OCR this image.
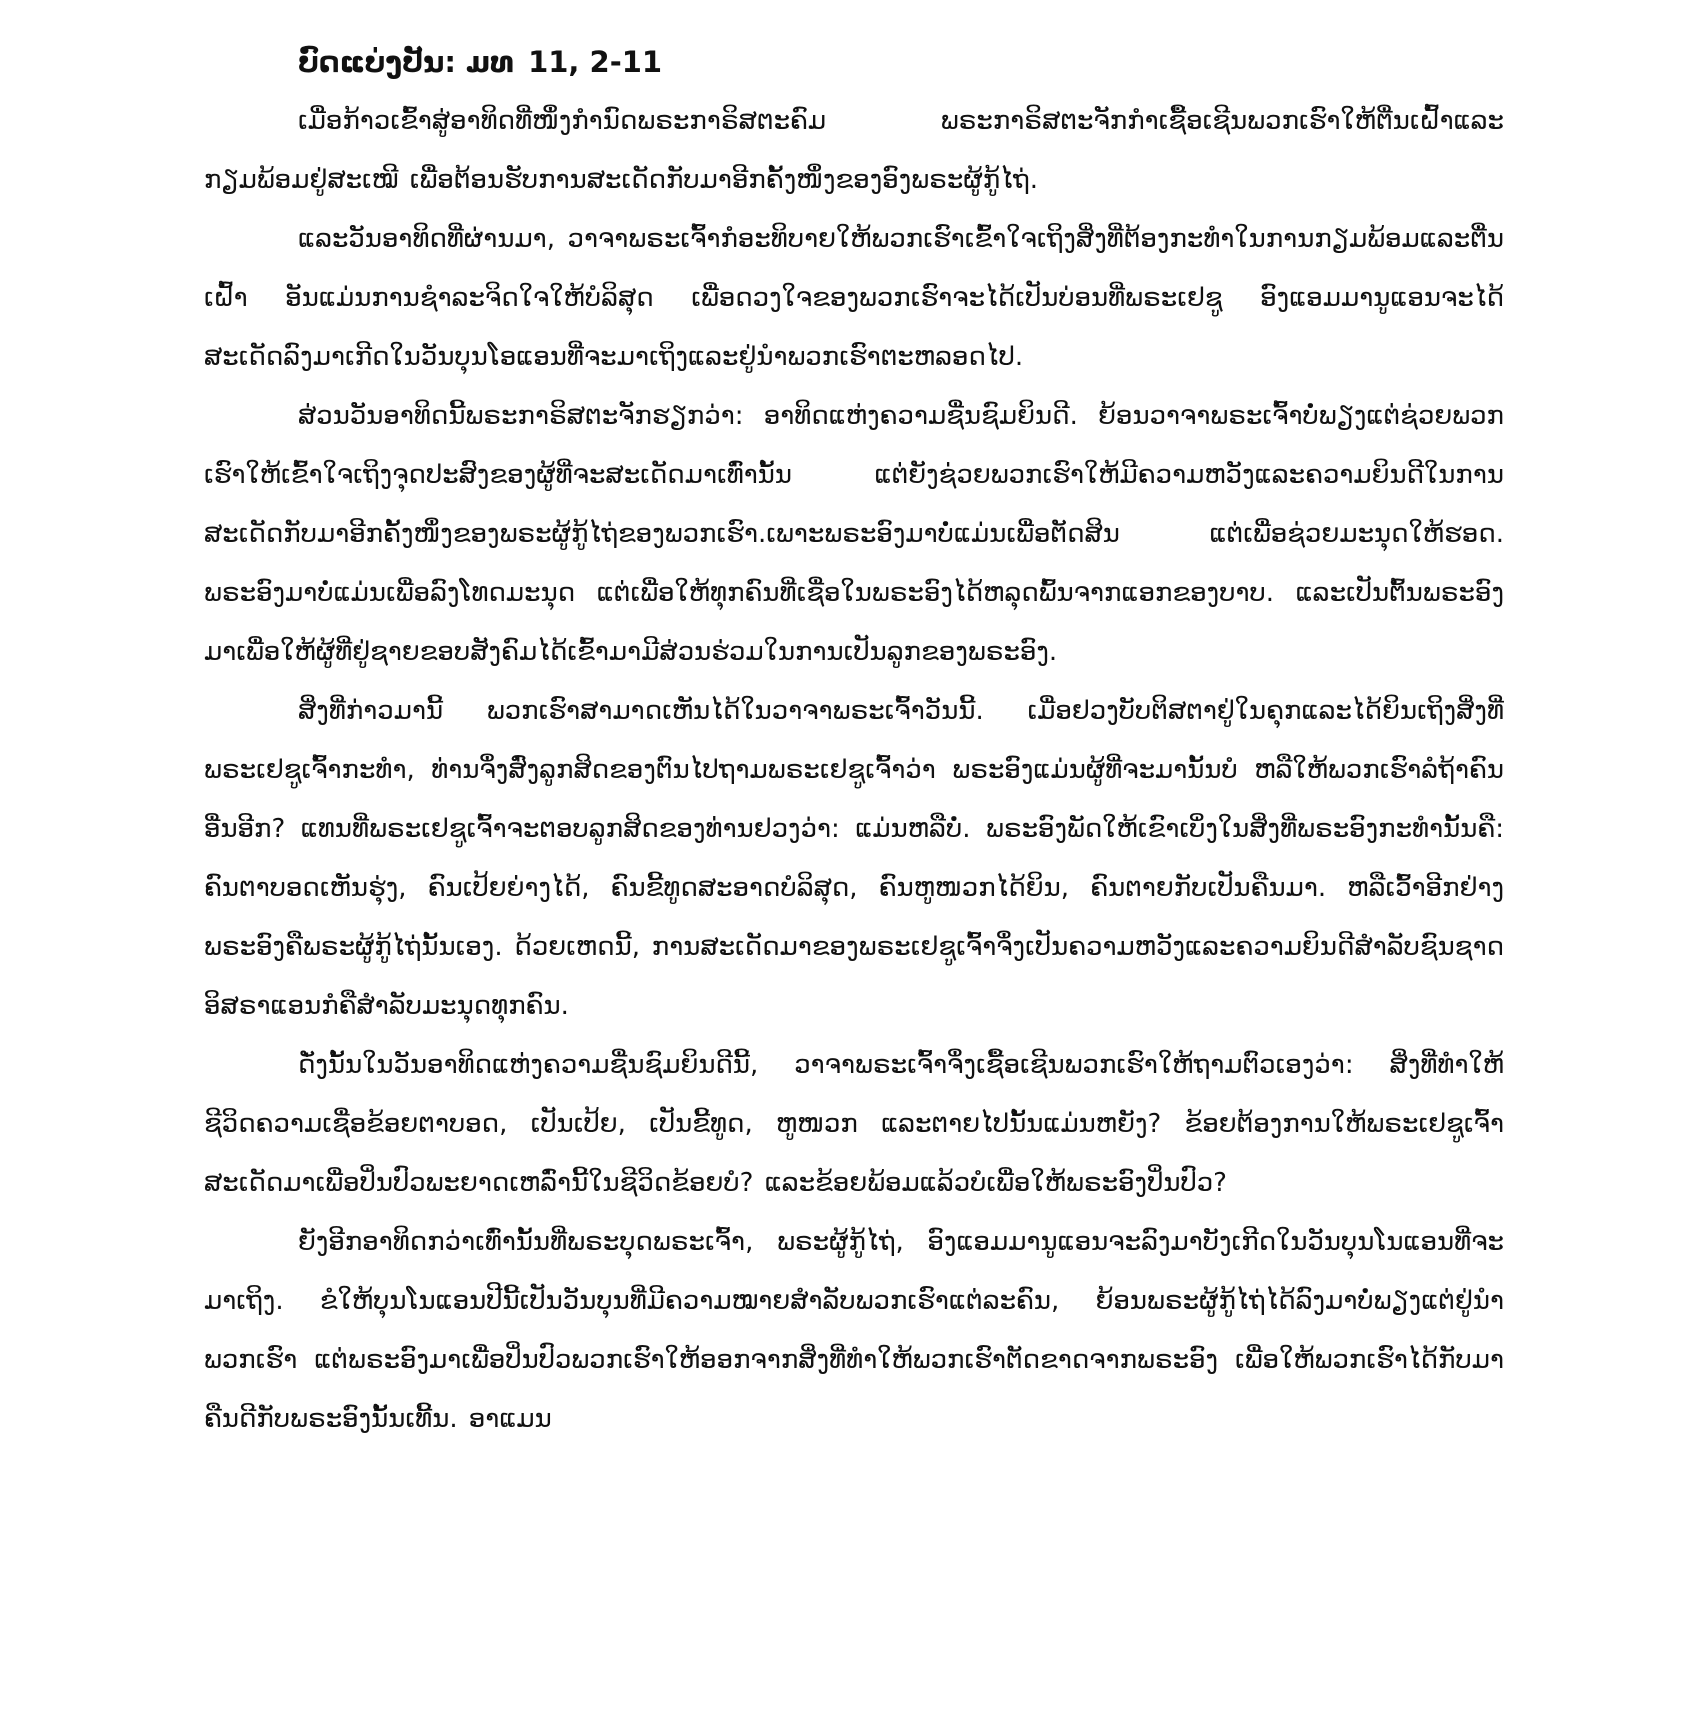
ບົດແບ່ງປັນ: ມທ 11, 2-11

ເມື່ອກ້າວເຂົ້າສູ່ອາທິດທີ່ໜຶ່ງກຳນົດພຣະກາຣິສຕະຄົມ ພຣະກາຣິສຕະຈັກກຳເຊື້ອເຊີນພວກເຮົາໃຫ້ຕື່ນເຝົ້າແລະກຽມພ້ອມຢູ່ສະເໝີ ເພື່ອຕ້ອນຮັບການສະເດັດກັບມາອີກຄັ້ງໜຶ່ງຂອງອົງພຣະຜູ້ກູ້ໄຖ່.

ແລະວັນອາທິດທີ່ຜ່ານມາ, ວາຈາພຣະເຈົ້າກໍອະທິບາຍໃຫ້ພວກເຮົາເຂົ້າໃຈເຖິງສິ່ງທີ່ຕ້ອງກະທຳໃນການກຽມພ້ອມແລະຕື່ນເຝົ້າ ອັນແມ່ນການຊຳລະຈິດໃຈໃຫ້ບໍລິສຸດ ເພື່ອດວງໃຈຂອງພວກເຮົາຈະໄດ້ເປັນບ່ອນທີ່ພຣະເຢຊູ ອົງແອມມານູແອນຈະໄດ້ສະເດັດລົງມາເກີດໃນວັນບຸນໂອແອນທີ່ຈະມາເຖິງແລະຢູ່ນຳພວກເຮົາຕະຫລອດໄປ.

ສ່ວນວັນອາທິດນີ້ພຣະກາຣິສຕະຈັກຮຽກວ່າ: ອາທິດແຫ່ງຄວາມຊື່ນຊົມຍິນດີ. ຍ້ອນວາຈາພຣະເຈົ້າບໍ່ພຽງແຕ່ຊ່ວຍພວກເຮົາໃຫ້ເຂົ້າໃຈເຖິງຈຸດປະສົງຂອງຜູ້ທີ່ຈະສະເດັດມາເທົ່ານັ້ນ ແຕ່ຍັງຊ່ວຍພວກເຮົາໃຫ້ມີຄວາມຫວັງແລະຄວາມຍິນດີໃນການສະເດັດກັບມາອີກຄັ້ງໜຶ່ງຂອງພຣະຜູ້ກູ້ໄຖ່ຂອງພວກເຮົາ.ເພາະພຣະອົງມາບໍ່ແມ່ນເພື່ອຕັດສິນ ແຕ່ເພື່ອຊ່ວຍມະນຸດໃຫ້ຮອດ. ພຣະອົງມາບໍ່ແມ່ນເພື່ອລົງໂທດມະນຸດ ແຕ່ເພື່ອໃຫ້ທຸກຄົນທີ່ເຊື່ອໃນພຣະອົງໄດ້ຫລຸດພົ້ນຈາກແອກຂອງບາບ. ແລະເປັນຕົ້ນພຣະອົງມາເພື່ອໃຫ້ຜູ້ທີ່ຢູ່ຊາຍຂອບສັງຄົມໄດ້ເຂົ້າມາມີສ່ວນຮ່ວມໃນການເປັນລູກຂອງພຣະອົງ.

ສິ່ງທີ່ກ່າວມານີ້ ພວກເຮົາສາມາດເຫັນໄດ້ໃນວາຈາພຣະເຈົ້າວັນນີ້. ເມື່ອຢວງບັບຕິສຕາຢູ່ໃນຄຸກແລະໄດ້ຍິນເຖິງສິ່ງທີ່ພຣະເຢຊູເຈົ້າກະທຳ, ທ່ານຈຶ່ງສົ່ງລູກສິດຂອງຕົນໄປຖາມພຣະເຢຊູເຈົ້າວ່າ ພຣະອົງແມ່ນຜູ້ທີ່ຈະມານັ້ນບໍ ຫລືໃຫ້ພວກເຮົາລໍຖ້າຄົນອື່ນອີກ? ແທນທີ່ພຣະເຢຊູເຈົ້າຈະຕອບລູກສິດຂອງທ່ານຢວງວ່າ: ແມ່ນຫລືບໍ່. ພຣະອົງພັດໃຫ້ເຂົາເບິ່ງໃນສິ່ງທີ່ພຣະອົງກະທຳນັ້ນຄື: ຄົນຕາບອດເຫັນຮຸ່ງ, ຄົນເປ້ຍຍ່າງໄດ້, ຄົນຂີ້ທູດສະອາດບໍລິສຸດ, ຄົນຫູໜວກໄດ້ຍິນ, ຄົນຕາຍກັບເປັນຄືນມາ. ຫລືເວົ້າອີກຢ່າງພຣະອົງຄືພຣະຜູ້ກູ້ໄຖ່ນັ້ນເອງ. ດ້ວຍເຫດນີ້, ການສະເດັດມາຂອງພຣະເຢຊູເຈົ້າຈຶ່ງເປັນຄວາມຫວັງແລະຄວາມຍິນດີສຳລັບຊົນຊາດອິສຣາແອນກໍຄືສຳລັບມະນຸດທຸກຄົນ.

ດັ່ງນັ້ນໃນວັນອາທິດແຫ່ງຄວາມຊື່ນຊົມຍິນດີນີ້, ວາຈາພຣະເຈົ້າຈຶ່ງເຊື້ອເຊີນພວກເຮົາໃຫ້ຖາມຕົວເອງວ່າ: ສິ່ງທີ່ທຳໃຫ້ຊີວິດຄວາມເຊື່ອຂ້ອຍຕາບອດ, ເປັນເປ້ຍ, ເປັນຂີ້ທູດ, ຫູໜວກ ແລະຕາຍໄປນັ້ນແມ່ນຫຍັງ? ຂ້ອຍຕ້ອງການໃຫ້ພຣະເຢຊູເຈົ້າສະເດັດມາເພື່ອປິ່ນປົວພະຍາດເຫລົ່ານີ້ໃນຊີວິດຂ້ອຍບໍ? ແລະຂ້ອຍພ້ອມແລ້ວບໍເພື່ອໃຫ້ພຣະອົງປິ່ນປົວ?

ຍັງອີກອາທິດກວ່າເທົ່ານັ້ນທີ່ພຣະບຸດພຣະເຈົ້າ, ພຣະຜູ້ກູ້ໄຖ່, ອົງແອມມານູແອນຈະລົງມາບັງເກີດໃນວັນບຸນໂນແອນທີ່ຈະມາເຖິງ. ຂໍໃຫ້ບຸນໂນແອນປີນີ້ເປັນວັນບຸນທີ່ມີຄວາມໝາຍສຳລັບພວກເຮົາແຕ່ລະຄົນ, ຍ້ອນພຣະຜູ້ກູ້ໄຖ່ໄດ້ລົງມາບໍ່ພຽງແຕ່ຢູ່ນຳພວກເຮົາ ແຕ່ພຣະອົງມາເພື່ອປິ່ນປົວພວກເຮົາໃຫ້ອອກຈາກສິ່ງທີ່ທຳໃຫ້ພວກເຮົາຕັດຂາດຈາກພຣະອົງ ເພື່ອໃຫ້ພວກເຮົາໄດ້ກັບມາຄືນດີກັບພຣະອົງນັ້ນເທີ້ນ. ອາແມນ
